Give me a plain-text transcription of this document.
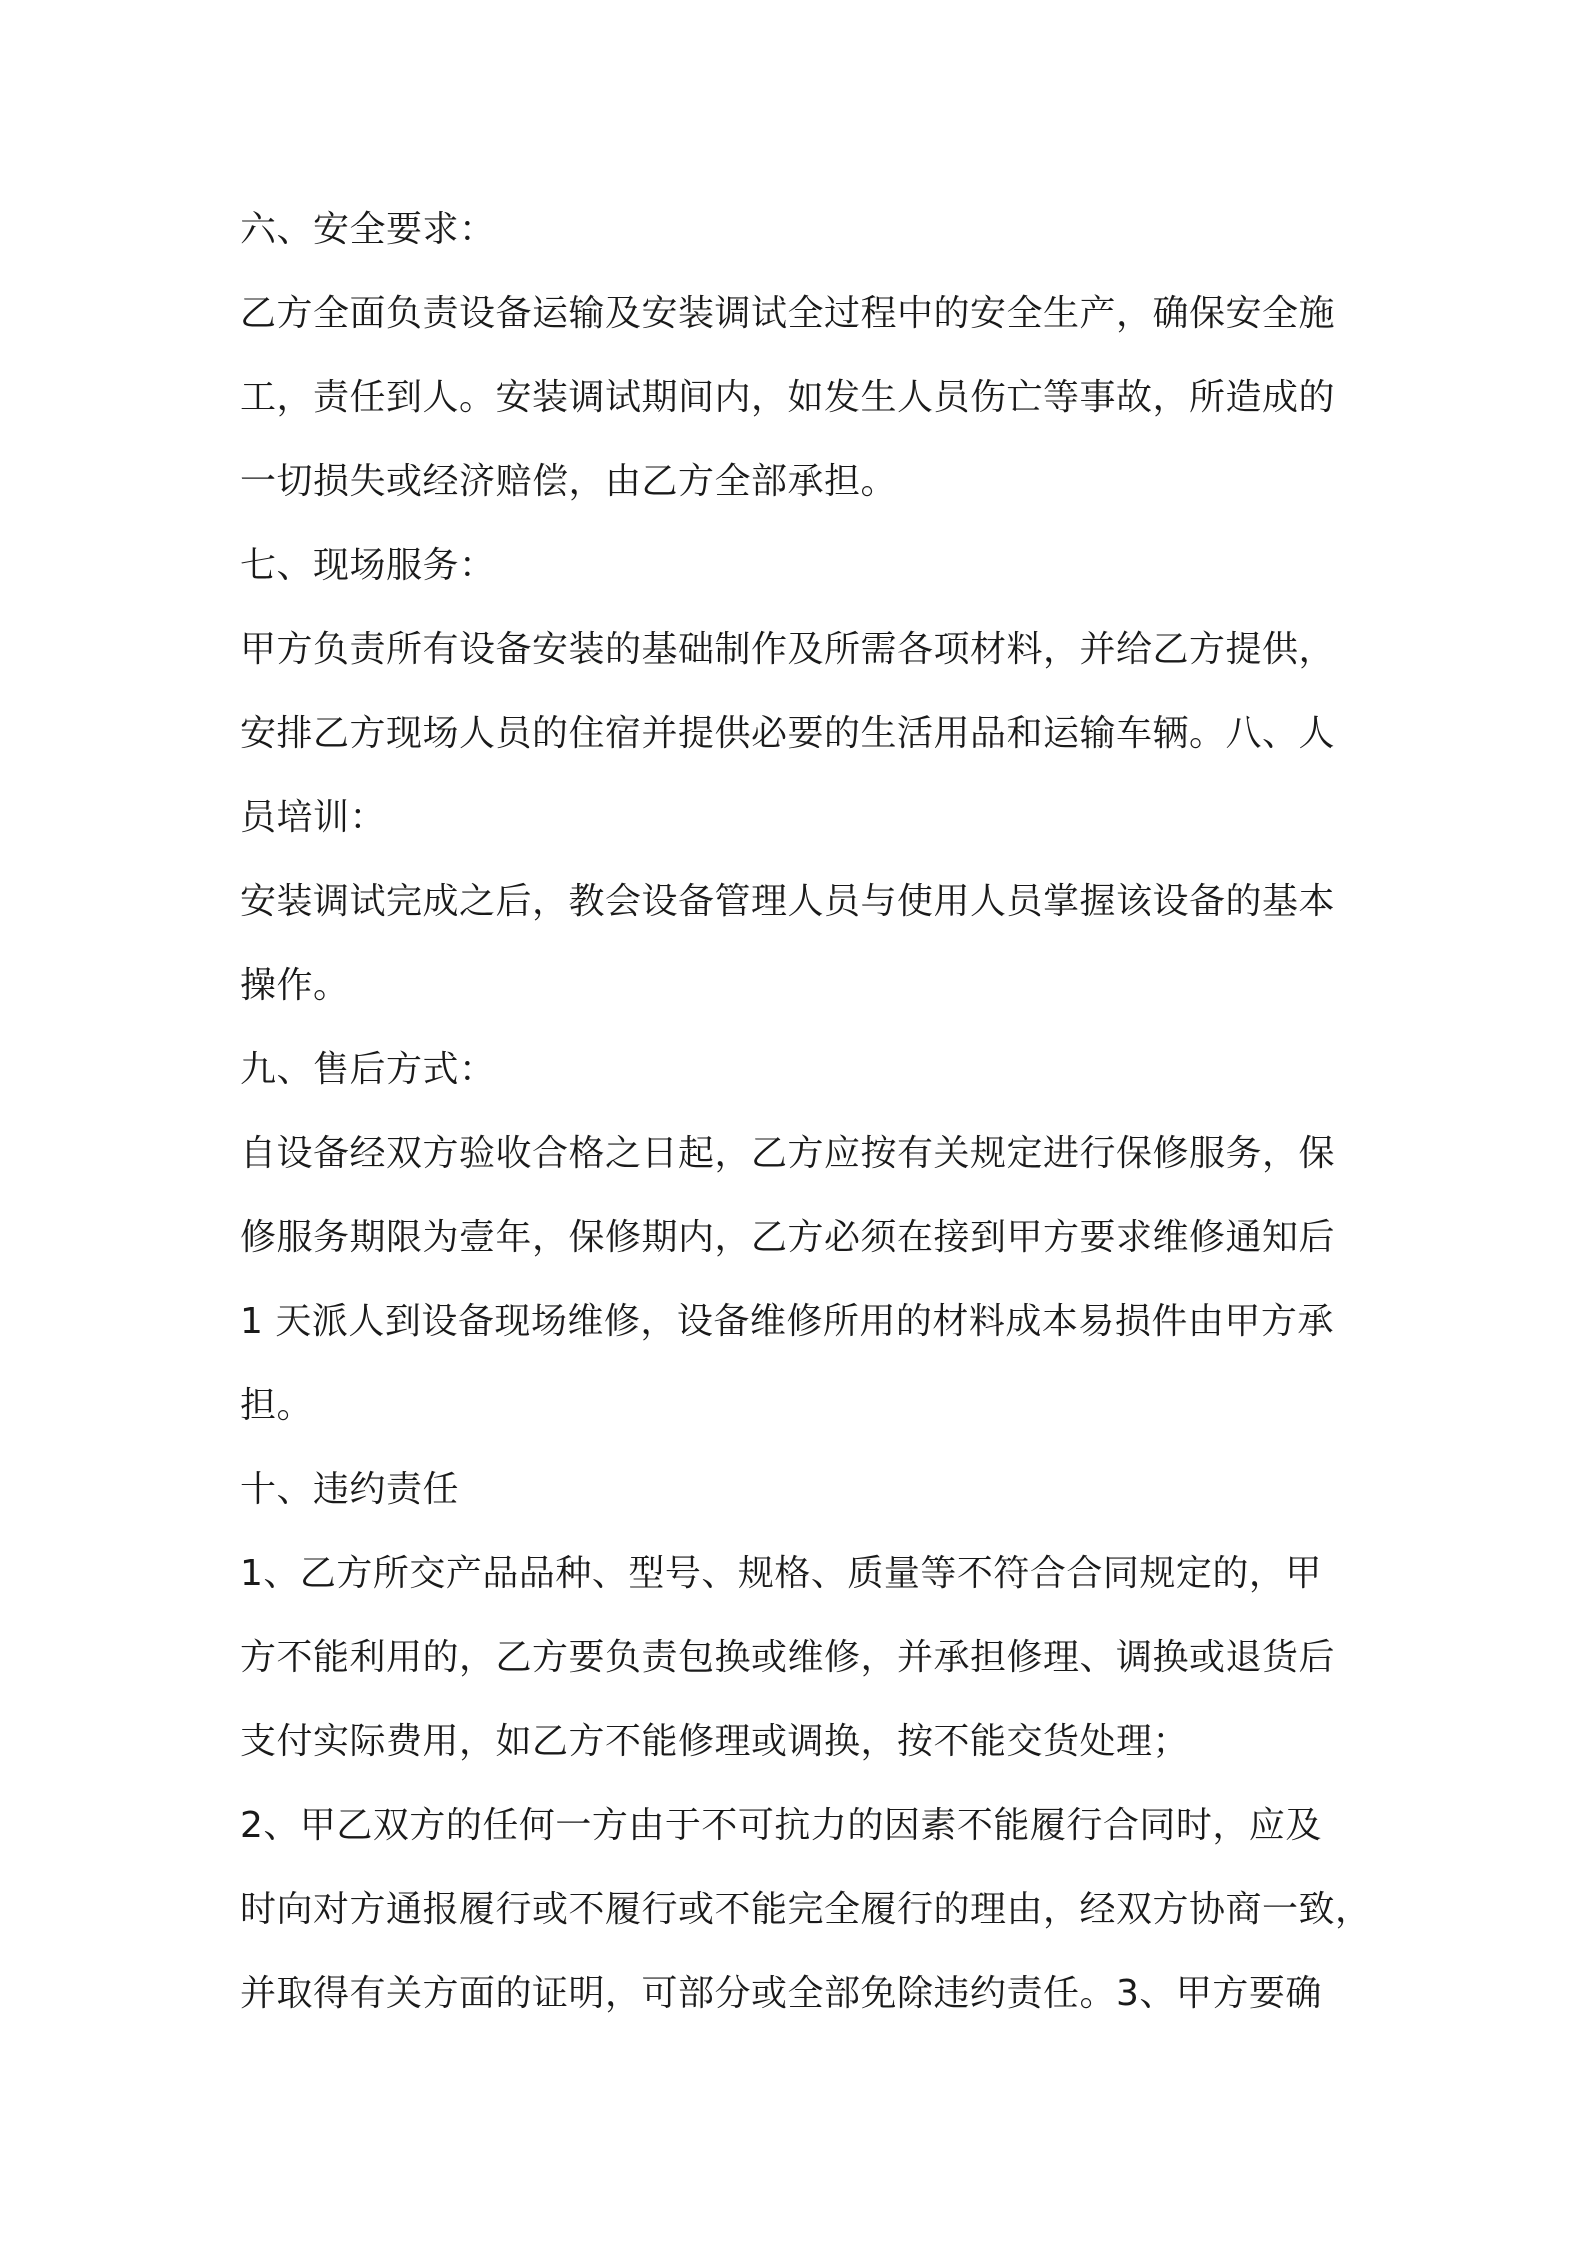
六、安全要求：
乙方全面负责设备运输及安装调试全过程中的安全生产，确保安全施
工，责任到人。安装调试期间内，如发生人员伤亡等事故，所造成的
一切损失或经济赔偿，由乙方全部承担。
七、现场服务：
甲方负责所有设备安装的基础制作及所需各项材料，并给乙方提供，
安排乙方现场人员的住宿并提供必要的生活用品和运输车辆。八、人
员培训：
安装调试完成之后，教会设备管理人员与使用人员掌握该设备的基本
操作。
九、售后方式：
自设备经双方验收合格之日起，乙方应按有关规定进行保修服务，保
修服务期限为壹年，保修期内，乙方必须在接到甲方要求维修通知后
1 天派人到设备现场维修，设备维修所用的材料成本易损件由甲方承
担。
十、违约责任
1、乙方所交产品品种、型号、规格、质量等不符合合同规定的，甲
方不能利用的，乙方要负责包换或维修，并承担修理、调换或退货后
支付实际费用，如乙方不能修理或调换，按不能交货处理；
2、甲乙双方的任何一方由于不可抗力的因素不能履行合同时，应及
时向对方通报履行或不履行或不能完全履行的理由，经双方协商一致，
并取得有关方面的证明，可部分或全部免除违约责任。3、甲方要确
